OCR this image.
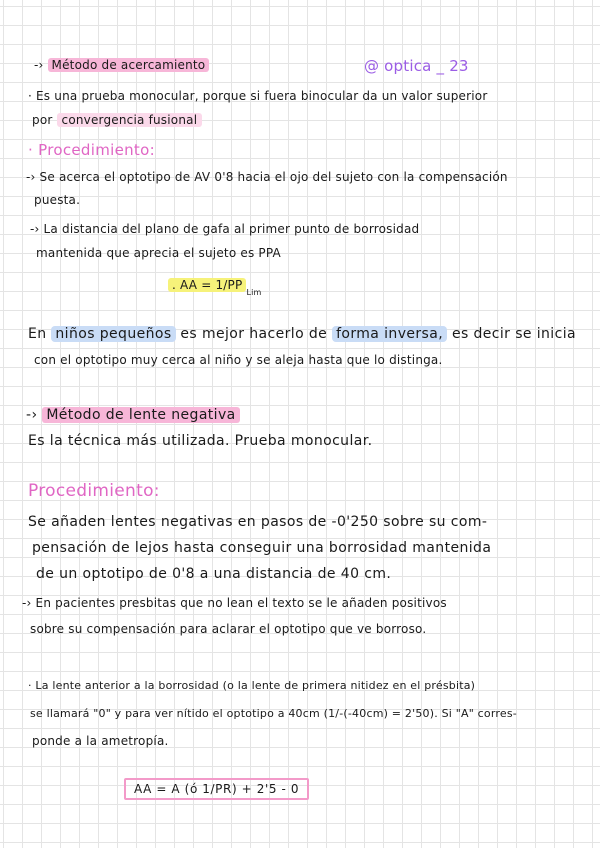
-› Método de acercamiento	@ optica _ 23
· Es una prueba monocular, porque si fuera binocular da un valor superior
por convergencia fusional
· Procedimiento:
-› Se acerca el optotipo de AV 0'8 hacia el ojo del sujeto con la compensación
puesta.
-› La distancia del plano de gafa al primer punto de borrosidad
mantenida que aprecia el sujeto es PPA
. AA = 1/PP $_{Lim}$
En niños pequeños es mejor hacerlo de forma inversa, es decir se inicia
con el optotipo muy cerca al niño y se aleja hasta que lo distinga.
-› Método de lente negativa
Es la técnica más utilizada. Prueba monocular.
Procedimiento:
Se añaden lentes negativas en pasos de -0'250 sobre su com-
pensación de lejos hasta conseguir una borrosidad mantenida
de un optotipo de 0'8 a una distancia de 40 cm.
-› En pacientes presbitas que no lean el texto se le añaden positivos
sobre su compensación para aclarar el optotipo que ve borroso.
· La lente anterior a la borrosidad (o la lente de primera nitidez en el présbita)
se llamará "0" y para ver nítido el optotipo a 40cm (1/-(-40cm) = 2'50). Si "A" corres-
ponde a la ametropía.
AA = A (ó 1/PR) + 2'5 - 0
